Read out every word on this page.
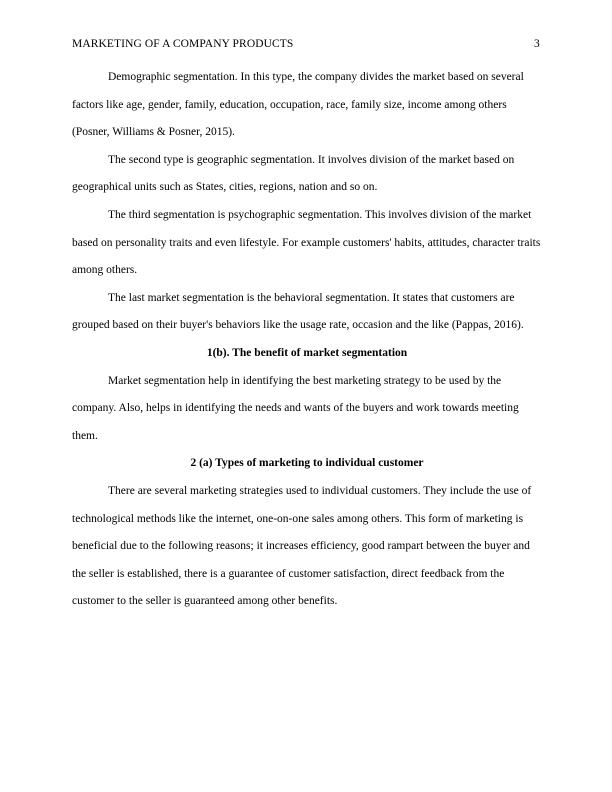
MARKETING OF A COMPANY PRODUCTS	3

Demographic segmentation. In this type, the company divides the market based on several factors like age, gender, family, education, occupation, race, family size, income among others (Posner, Williams & Posner, 2015).

The second type is geographic segmentation. It involves division of the market based on geographical units such as States, cities, regions, nation and so on.

The third segmentation is psychographic segmentation. This involves division of the market based on personality traits and even lifestyle. For example customers' habits, attitudes, character traits among others.

The last market segmentation is the behavioral segmentation. It states that customers are grouped based on their buyer's behaviors like the usage rate, occasion and the like (Pappas, 2016).

1(b). The benefit of market segmentation

Market segmentation help in identifying the best marketing strategy to be used by the company. Also, helps in identifying the needs and wants of the buyers and work towards meeting them.

2 (a) Types of marketing to individual customer

There are several marketing strategies used to individual customers. They include the use of technological methods like the internet, one-on-one sales among others. This form of marketing is beneficial due to the following reasons; it increases efficiency, good rampart between the buyer and the seller is established, there is a guarantee of customer satisfaction, direct feedback from the customer to the seller is guaranteed among other benefits.
